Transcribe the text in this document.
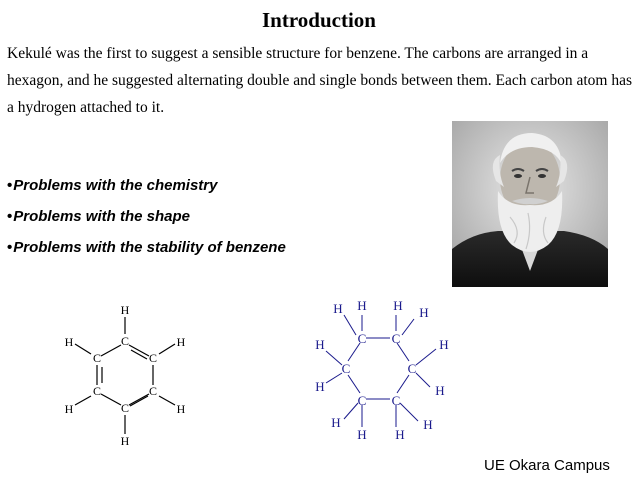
Introduction

Kekulé was the first to suggest a sensible structure for benzene. The carbons are arranged in a hexagon, and he suggested alternating double and single bonds between them. Each carbon atom has a hydrogen attached to it.

•Problems with the chemistry
•Problems with the shape
•Problems with the stability of benzene
H
C
C	C
C	C
C
H	H
H	H
H
C C
C	C
C C
H H
H	H
H	H
H	H
H	H
H H
UE Okara Campus
